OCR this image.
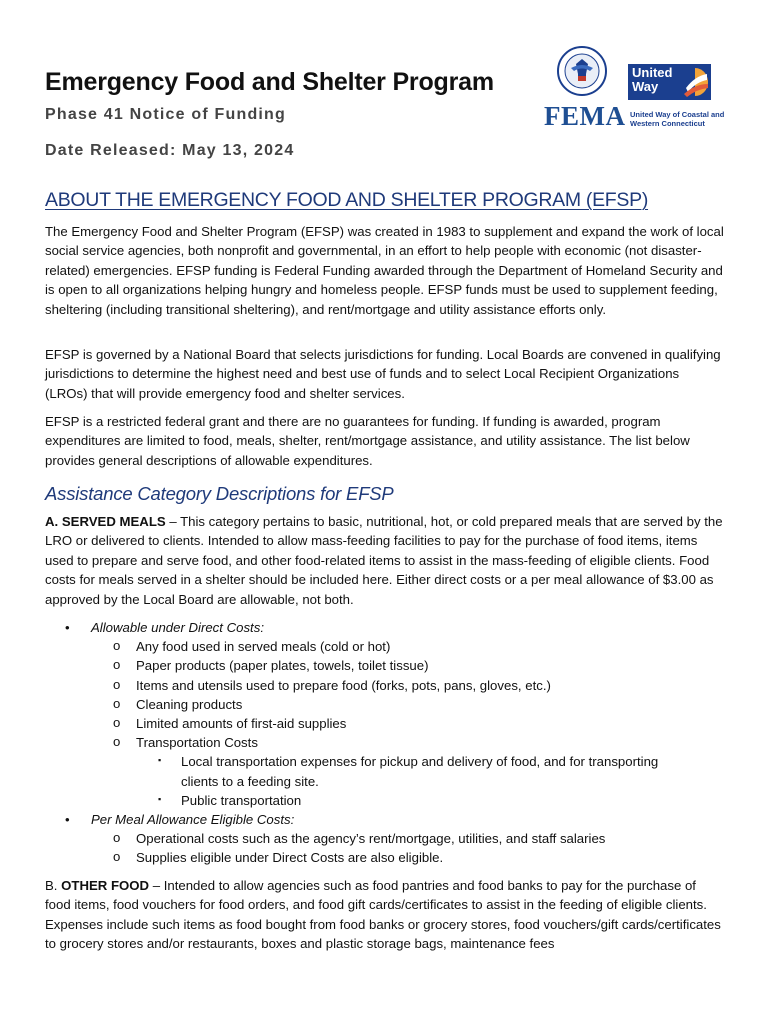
Emergency Food and Shelter Program
Phase 41 Notice of Funding
Date Released: May 13, 2024
FEMA
United Way
United Way of Coastal and Western Connecticut
ABOUT THE EMERGENCY FOOD AND SHELTER PROGRAM (EFSP)
The Emergency Food and Shelter Program (EFSP) was created in 1983 to supplement and expand the work of local social service agencies, both nonprofit and governmental, in an effort to help people with economic (not disaster-related) emergencies. EFSP funding is Federal Funding awarded through the Department of Homeland Security and is open to all organizations helping hungry and homeless people. EFSP funds must be used to supplement feeding, sheltering (including transitional sheltering), and rent/mortgage and utility assistance efforts only.
EFSP is governed by a National Board that selects jurisdictions for funding. Local Boards are convened in qualifying jurisdictions to determine the highest need and best use of funds and to select Local Recipient Organizations (LROs) that will provide emergency food and shelter services.
EFSP is a restricted federal grant and there are no guarantees for funding. If funding is awarded, program expenditures are limited to food, meals, shelter, rent/mortgage assistance, and utility assistance. The list below provides general descriptions of allowable expenditures.
Assistance Category Descriptions for EFSP
A. SERVED MEALS – This category pertains to basic, nutritional, hot, or cold prepared meals that are served by the LRO or delivered to clients. Intended to allow mass-feeding facilities to pay for the purchase of food items, items used to prepare and serve food, and other food-related items to assist in the mass-feeding of eligible clients. Food costs for meals served in a shelter should be included here. Either direct costs or a per meal allowance of $3.00 as approved by the Local Board are allowable, not both.
• Allowable under Direct Costs:
o Any food used in served meals (cold or hot)
o Paper products (paper plates, towels, toilet tissue)
o Items and utensils used to prepare food (forks, pots, pans, gloves, etc.)
o Cleaning products
o Limited amounts of first-aid supplies
o Transportation Costs
▪ Local transportation expenses for pickup and delivery of food, and for transporting
clients to a feeding site.
▪ Public transportation
• Per Meal Allowance Eligible Costs:
o Operational costs such as the agency’s rent/mortgage, utilities, and staff salaries
o Supplies eligible under Direct Costs are also eligible.
B. OTHER FOOD – Intended to allow agencies such as food pantries and food banks to pay for the purchase of food items, food vouchers for food orders, and food gift cards/certificates to assist in the feeding of eligible clients. Expenses include such items as food bought from food banks or grocery stores, food vouchers/gift cards/certificates to grocery stores and/or restaurants, boxes and plastic storage bags, maintenance fees
